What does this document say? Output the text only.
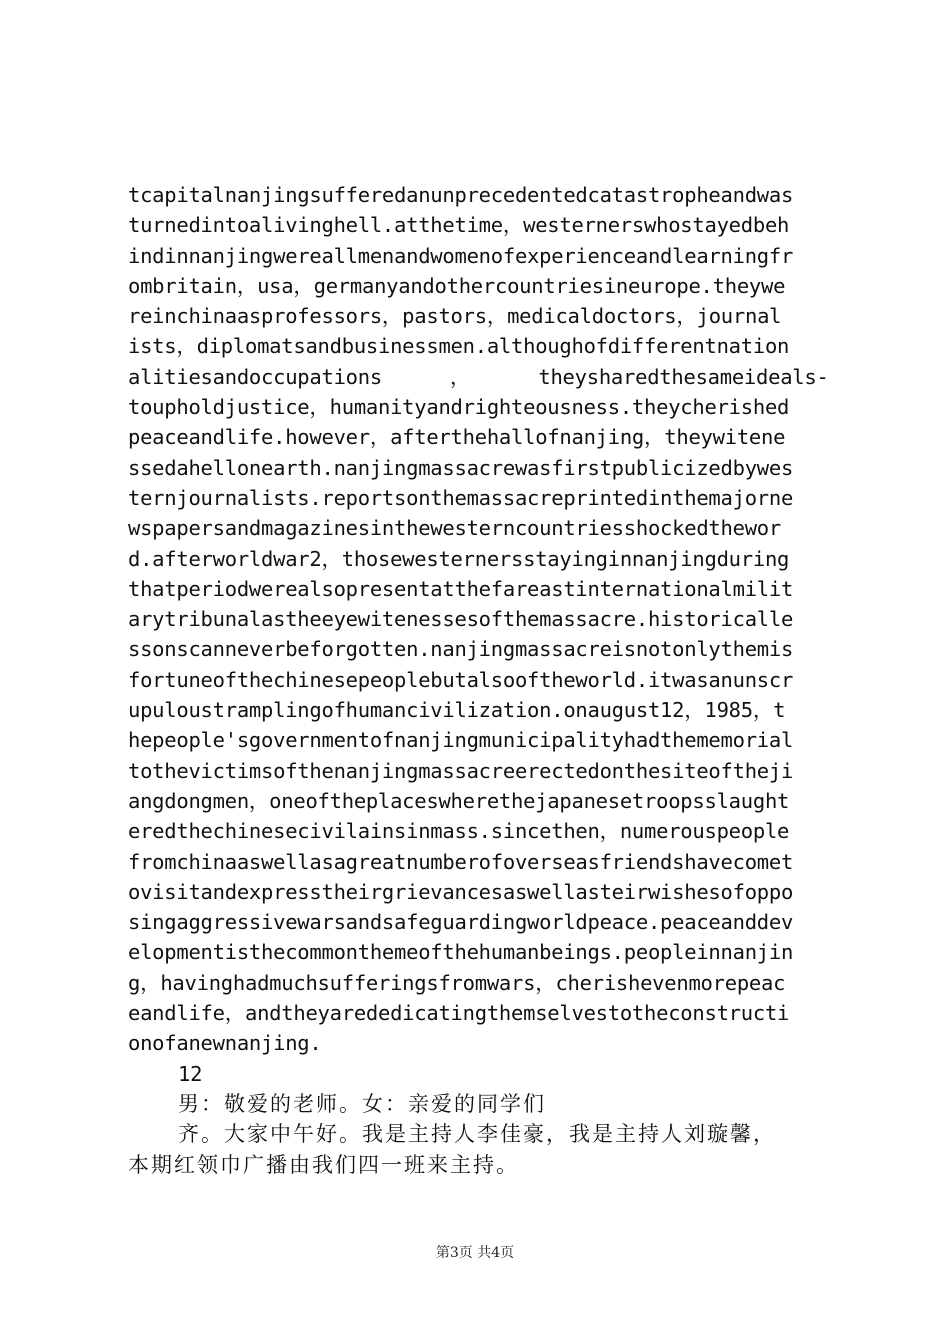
tcapitalnanjingsufferedanunprecedentedcatastropheandwas
turnedintoalivinghell.atthetime，westernerswhostayedbeh
indinnanjingwereallmenandwomenofexperienceandlearningfr
ombritain，usa，germanyandothercountriesineurope.theywe
reinchinaasprofessors，pastors，medicaldoctors，journal
ists，diplomatsandbusinessmen.althoughofdifferentnation
alitiesandoccupations ， theysharedthesameideals-
toupholdjustice，humanityandrighteousness.theycherished
peaceandlife.however，afterthehallofnanjing，theywitene
ssedahellonearth.nanjingmassacrewasfirstpublicizedbywes
ternjournalists.reportsonthemassacreprintedinthemajorne
wspapersandmagazinesinthewesterncountriesshockedthewor
d.afterworldwar2，thosewesternersstayinginnanjingduring
thatperiodwerealsopresentatthefareastinternationalmilit
arytribunalastheeyewitenessesofthemassacre.historicalle
ssonscanneverbeforgotten.nanjingmassacreisnotonlythemis
fortuneofthechinesepeoplebutalsooftheworld.itwasanunscr
upuloustramplingofhumancivilization.onaugust12，1985，t
hepeople'sgovernmentofnanjingmunicipalityhadthememorial
tothevictimsofthenanjingmassacreerectedonthesiteoftheji
angdongmen，oneoftheplaceswherethejapanesetroopsslaught
eredthechinesecivilainsinmass.sincethen，numerouspeople
fromchinaaswellasagreatnumberofoverseasfriendshavecomet
ovisitandexpresstheirgrievancesaswellasteirwishesofoppo
singaggressivewarsandsafeguardingworldpeace.peaceanddev
elopmentisthecommonthemeofthehumanbeings.peopleinnanjin
g，havinghadmuchsufferingsfromwars，cherishevenmorepeac
eandlife，andtheyarededicatingthemselvestotheconstructi
onofanewnanjing.
12
男：敬爱的老师。女：亲爱的同学们
齐。大家中午好。我是主持人李佳豪，我是主持人刘璇馨，
本期红领巾广播由我们四一班来主持。
第3页 共4页
